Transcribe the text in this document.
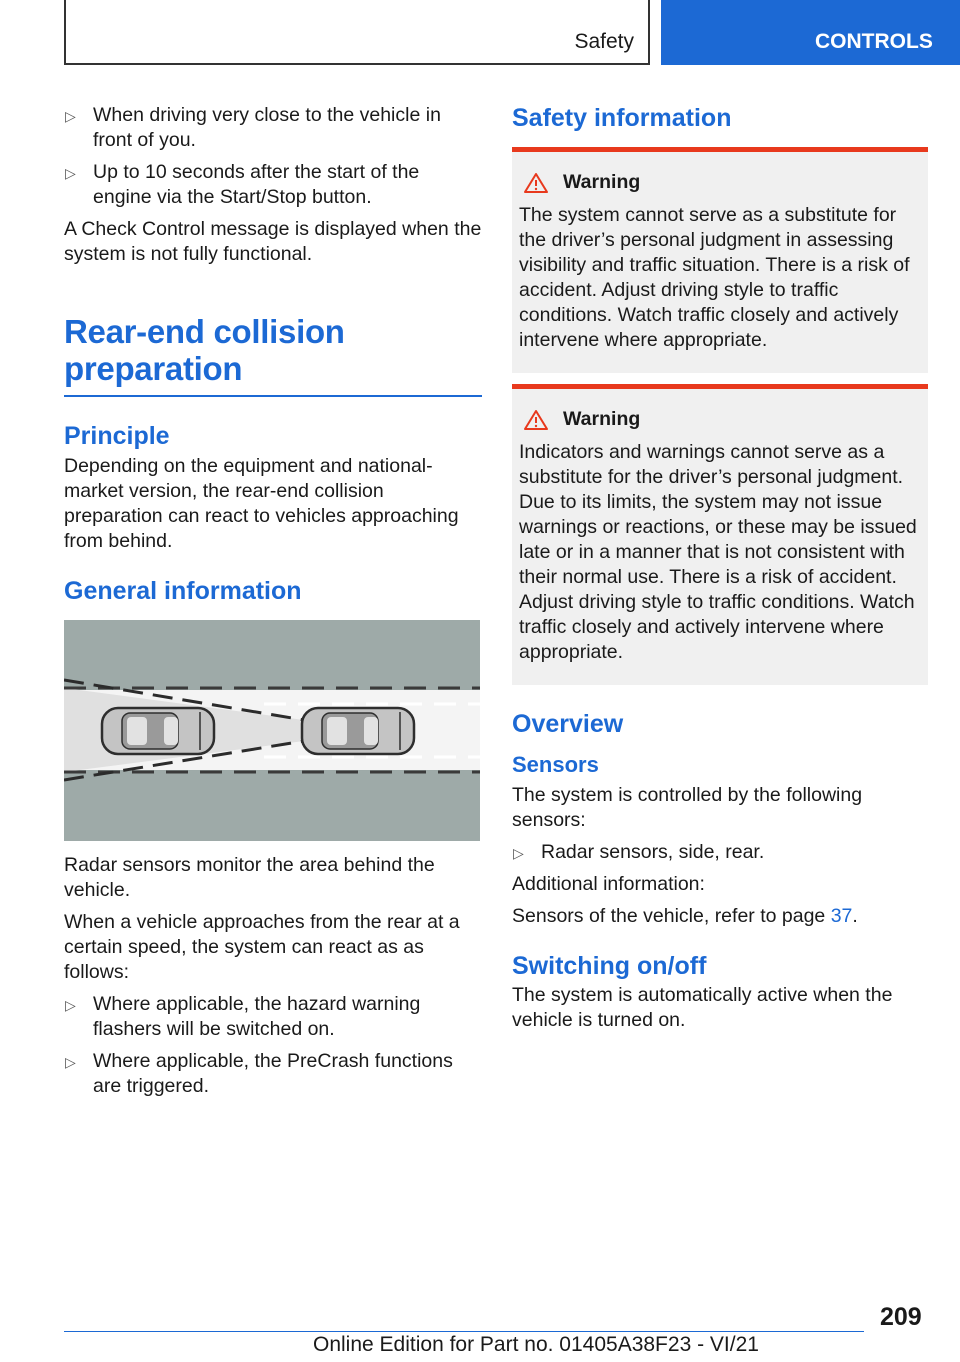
Safety	CONTROLS
▷ When driving very close to the vehicle in front of you.
▷ Up to 10 seconds after the start of the engine via the Start/Stop button.

A Check Control message is displayed when the system is not fully functional.

Rear-end collision preparation
Principle

Depending on the equipment and national-market version, the rear-end collision preparation can react to vehicles approaching from behind.

General information

Radar sensors monitor the area behind the vehicle.

When a vehicle approaches from the rear at a certain speed, the system can react as as follows:

▷ Where applicable, the hazard warning flashers will be switched on.
▷ Where applicable, the PreCrash functions are triggered.
Safety information
Warning

The system cannot serve as a substitute for the driver’s personal judgment in assessing visibility and traffic situation. There is a risk of accident. Adjust driving style to traffic conditions. Watch traffic closely and actively intervene where appropriate.

Warning

Indicators and warnings cannot serve as a substitute for the driver’s personal judgment. Due to its limits, the system may not issue warnings or reactions, or these may be issued late or in a manner that is not consistent with their normal use. There is a risk of accident. Adjust driving style to traffic conditions. Watch traffic closely and actively intervene where appropriate.

Overview
Sensors

The system is controlled by the following sensors:

▷ Radar sensors, side, rear.

Additional information:

Sensors of the vehicle, refer to page 37.

Switching on/off

The system is automatically active when the vehicle is turned on.

209
Online Edition for Part no. 01405A38F23 - VI/21
